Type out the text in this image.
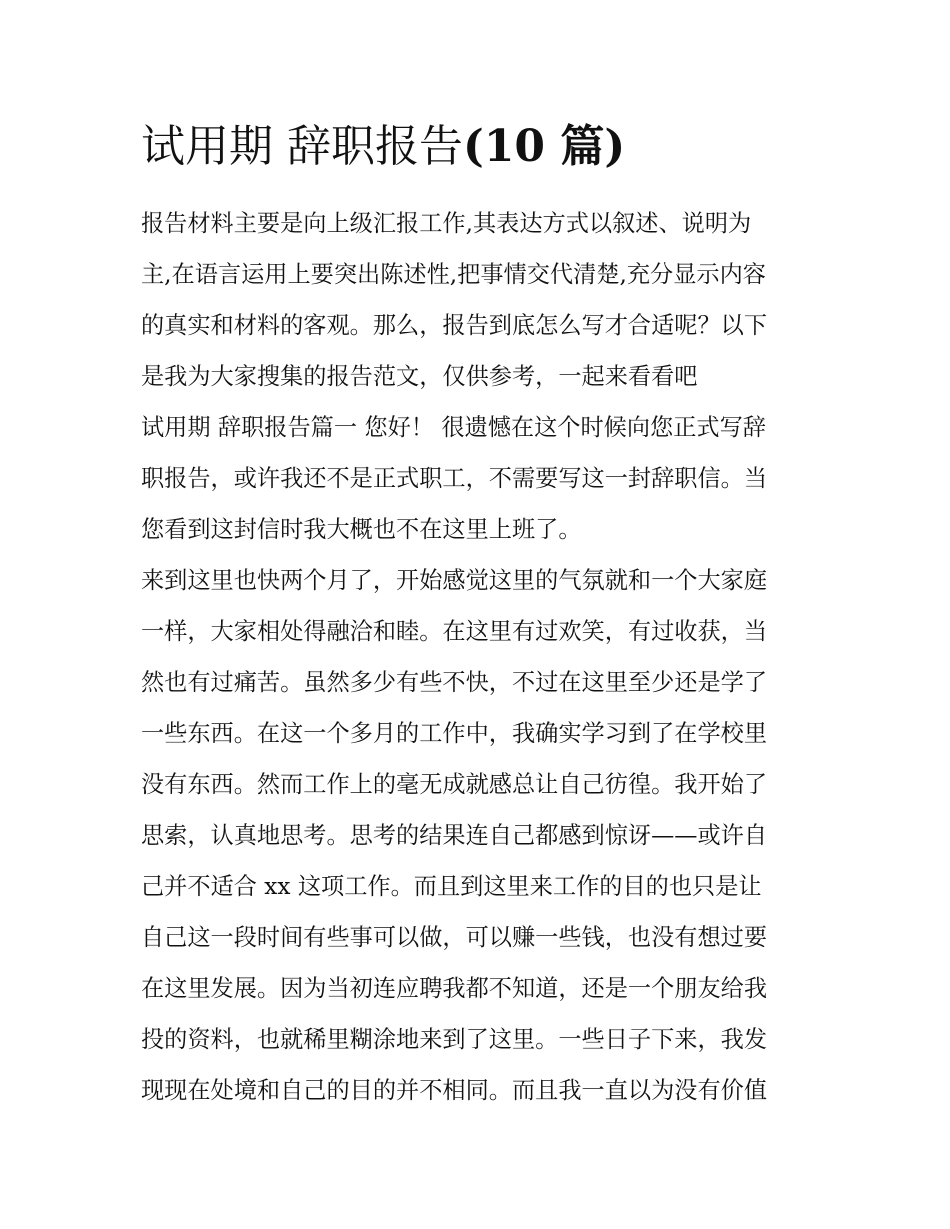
试用期 辞职报告(10 篇)
报告材料主要是向上级汇报工作,其表达方式以叙述、说明为
主,在语言运用上要突出陈述性,把事情交代清楚,充分显示内容
的真实和材料的客观。那么，报告到底怎么写才合适呢？以下
是我为大家搜集的报告范文，仅供参考，一起来看看吧
试用期 辞职报告篇一 您好！ 很遗憾在这个时候向您正式写辞
职报告，或许我还不是正式职工，不需要写这一封辞职信。当
您看到这封信时我大概也不在这里上班了。
来到这里也快两个月了，开始感觉这里的气氛就和一个大家庭
一样，大家相处得融洽和睦。在这里有过欢笑，有过收获，当
然也有过痛苦。虽然多少有些不快，不过在这里至少还是学了
一些东西。在这一个多月的工作中，我确实学习到了在学校里
没有东西。然而工作上的毫无成就感总让自己彷徨。我开始了
思索，认真地思考。思考的结果连自己都感到惊讶——或许自
己并不适合 xx 这项工作。而且到这里来工作的目的也只是让
自己这一段时间有些事可以做，可以赚一些钱，也没有想过要
在这里发展。因为当初连应聘我都不知道，还是一个朋友给我
投的资料，也就稀里糊涂地来到了这里。一些日子下来，我发
现现在处境和自己的目的并不相同。而且我一直以为没有价值
